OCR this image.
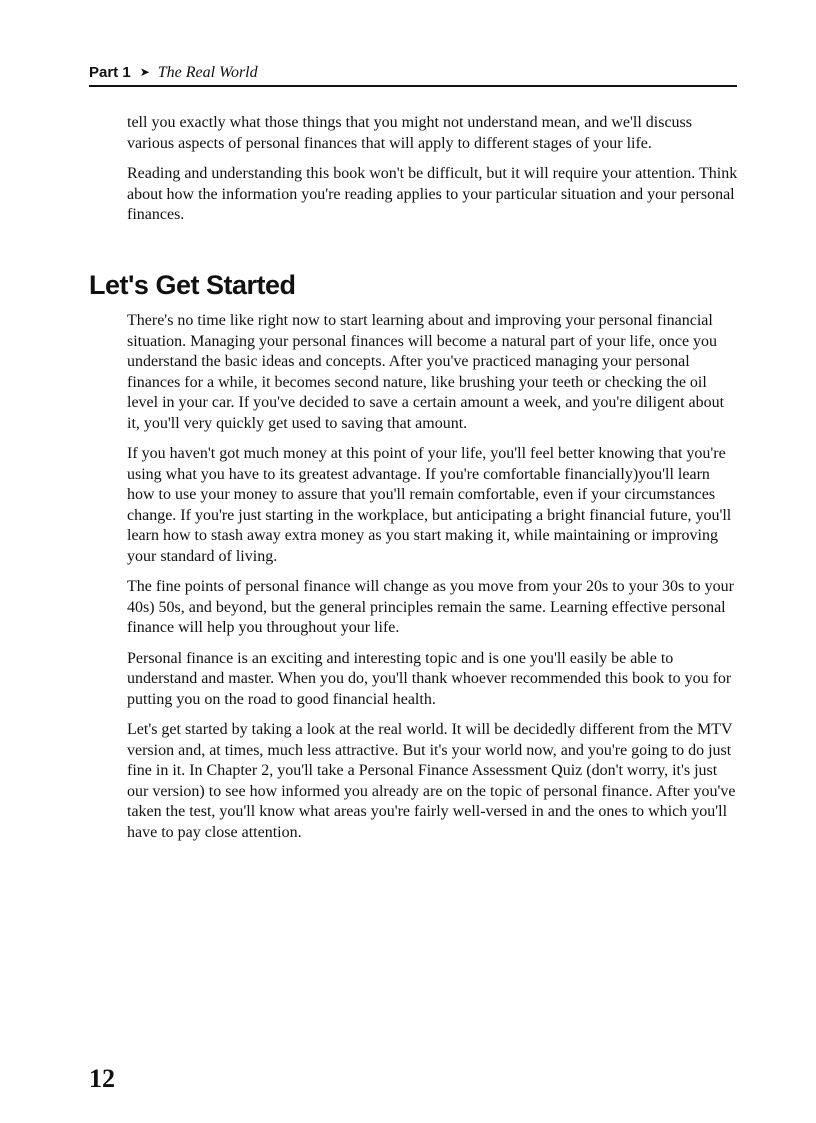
Part 1 ➤ The Real World

tell you exactly what those things that you might not understand mean, and we'll discuss various aspects of personal finances that will apply to different stages of your life.

Reading and understanding this book won't be difficult, but it will require your attention. Think about how the information you're reading applies to your particular situation and your personal finances.

Let's Get Started

There's no time like right now to start learning about and improving your personal financial situation. Managing your personal finances will become a natural part of your life, once you understand the basic ideas and concepts. After you've practiced managing your personal finances for a while, it becomes second nature, like brushing your teeth or checking the oil level in your car. If you've decided to save a certain amount a week, and you're diligent about it, you'll very quickly get used to saving that amount.

If you haven't got much money at this point of your life, you'll feel better knowing that you're using what you have to its greatest advantage. If you're comfortable financially)you'll learn how to use your money to assure that you'll remain comfortable, even if your circumstances change. If you're just starting in the workplace, but anticipating a bright financial future, you'll learn how to stash away extra money as you start making it, while maintaining or improving your standard of living.

The fine points of personal finance will change as you move from your 20s to your 30s to your 40s) 50s, and beyond, but the general principles remain the same. Learning effective personal finance will help you throughout your life.

Personal finance is an exciting and interesting topic and is one you'll easily be able to understand and master. When you do, you'll thank whoever recommended this book to you for putting you on the road to good financial health.

Let's get started by taking a look at the real world. It will be decidedly different from the MTV version and, at times, much less attractive. But it's your world now, and you're going to do just fine in it. In Chapter 2, you'll take a Personal Finance Assessment Quiz (don't worry, it's just our version) to see how informed you already are on the topic of personal finance. After you've taken the test, you'll know what areas you're fairly well-versed in and the ones to which you'll have to pay close attention.

12
